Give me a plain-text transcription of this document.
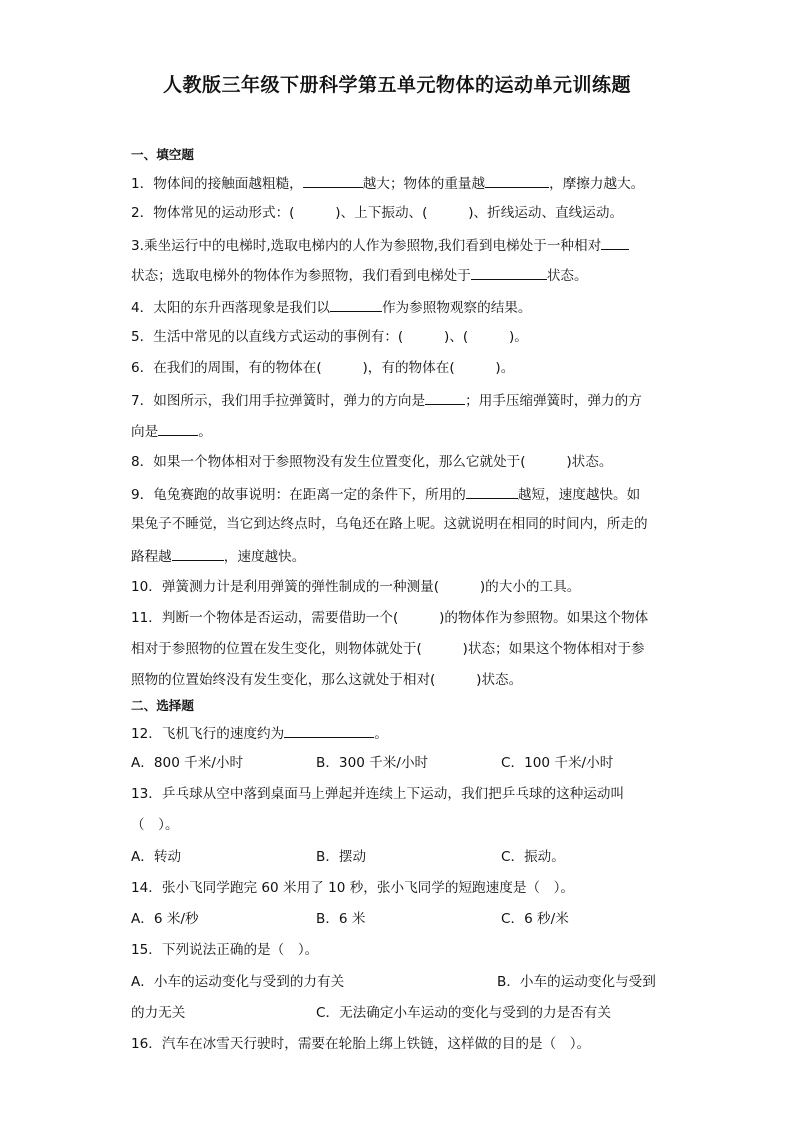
人教版三年级下册科学第五单元物体的运动单元训练题
一、填空题
1．物体间的接触面越粗糙，	越大；物体的重量越	，摩擦力越大。
2．物体常见的运动形式：(　　　)、上下振动、(　　　)、折线运动、直线运动。
3.乘坐运行中的电梯时,选取电梯内的人作为参照物,我们看到电梯处于一种相对
状态；选取电梯外的物体作为参照物，我们看到电梯处于	状态。
4．太阳的东升西落现象是我们以	作为参照物观察的结果。
5．生活中常见的以直线方式运动的事例有：(　　　)、(　　　)。
6．在我们的周围，有的物体在(　　　)，有的物体在(　　　)。
7．如图所示，我们用手拉弹簧时，弹力的方向是	；用手压缩弹簧时，弹力的方
向是	。
8．如果一个物体相对于参照物没有发生位置变化，那么它就处于(　　　)状态。
9．龟兔赛跑的故事说明：在距离一定的条件下，所用的	越短，速度越快。如
果兔子不睡觉，当它到达终点时，乌龟还在路上呢。这就说明在相同的时间内，所走的
路程越	，速度越快。
10．弹簧测力计是利用弹簧的弹性制成的一种测量(　　　)的大小的工具。
11．判断一个物体是否运动，需要借助一个(　　　)的物体作为参照物。如果这个物体
相对于参照物的位置在发生变化，则物体就处于(　　　)状态；如果这个物体相对于参
照物的位置始终没有发生变化，那么这就处于相对(　　　)状态。
二、选择题
12．飞机飞行的速度约为	。
A．800 千米/小时	B．300 千米/小时	C．100 千米/小时
13．乒乓球从空中落到桌面马上弹起并连续上下运动，我们把乒乓球的这种运动叫
（　）。
A．转动	B．摆动	C．振动。
14．张小飞同学跑完 60 米用了 10 秒，张小飞同学的短跑速度是（　）。
A．6 米/秒	B．6 米	C．6 秒/米
15．下列说法正确的是（　）。
A．小车的运动变化与受到的力有关	B．小车的运动变化与受到
的力无关	C．无法确定小车运动的变化与受到的力是否有关
16．汽车在冰雪天行驶时，需要在轮胎上绑上铁链，这样做的目的是（　）。
